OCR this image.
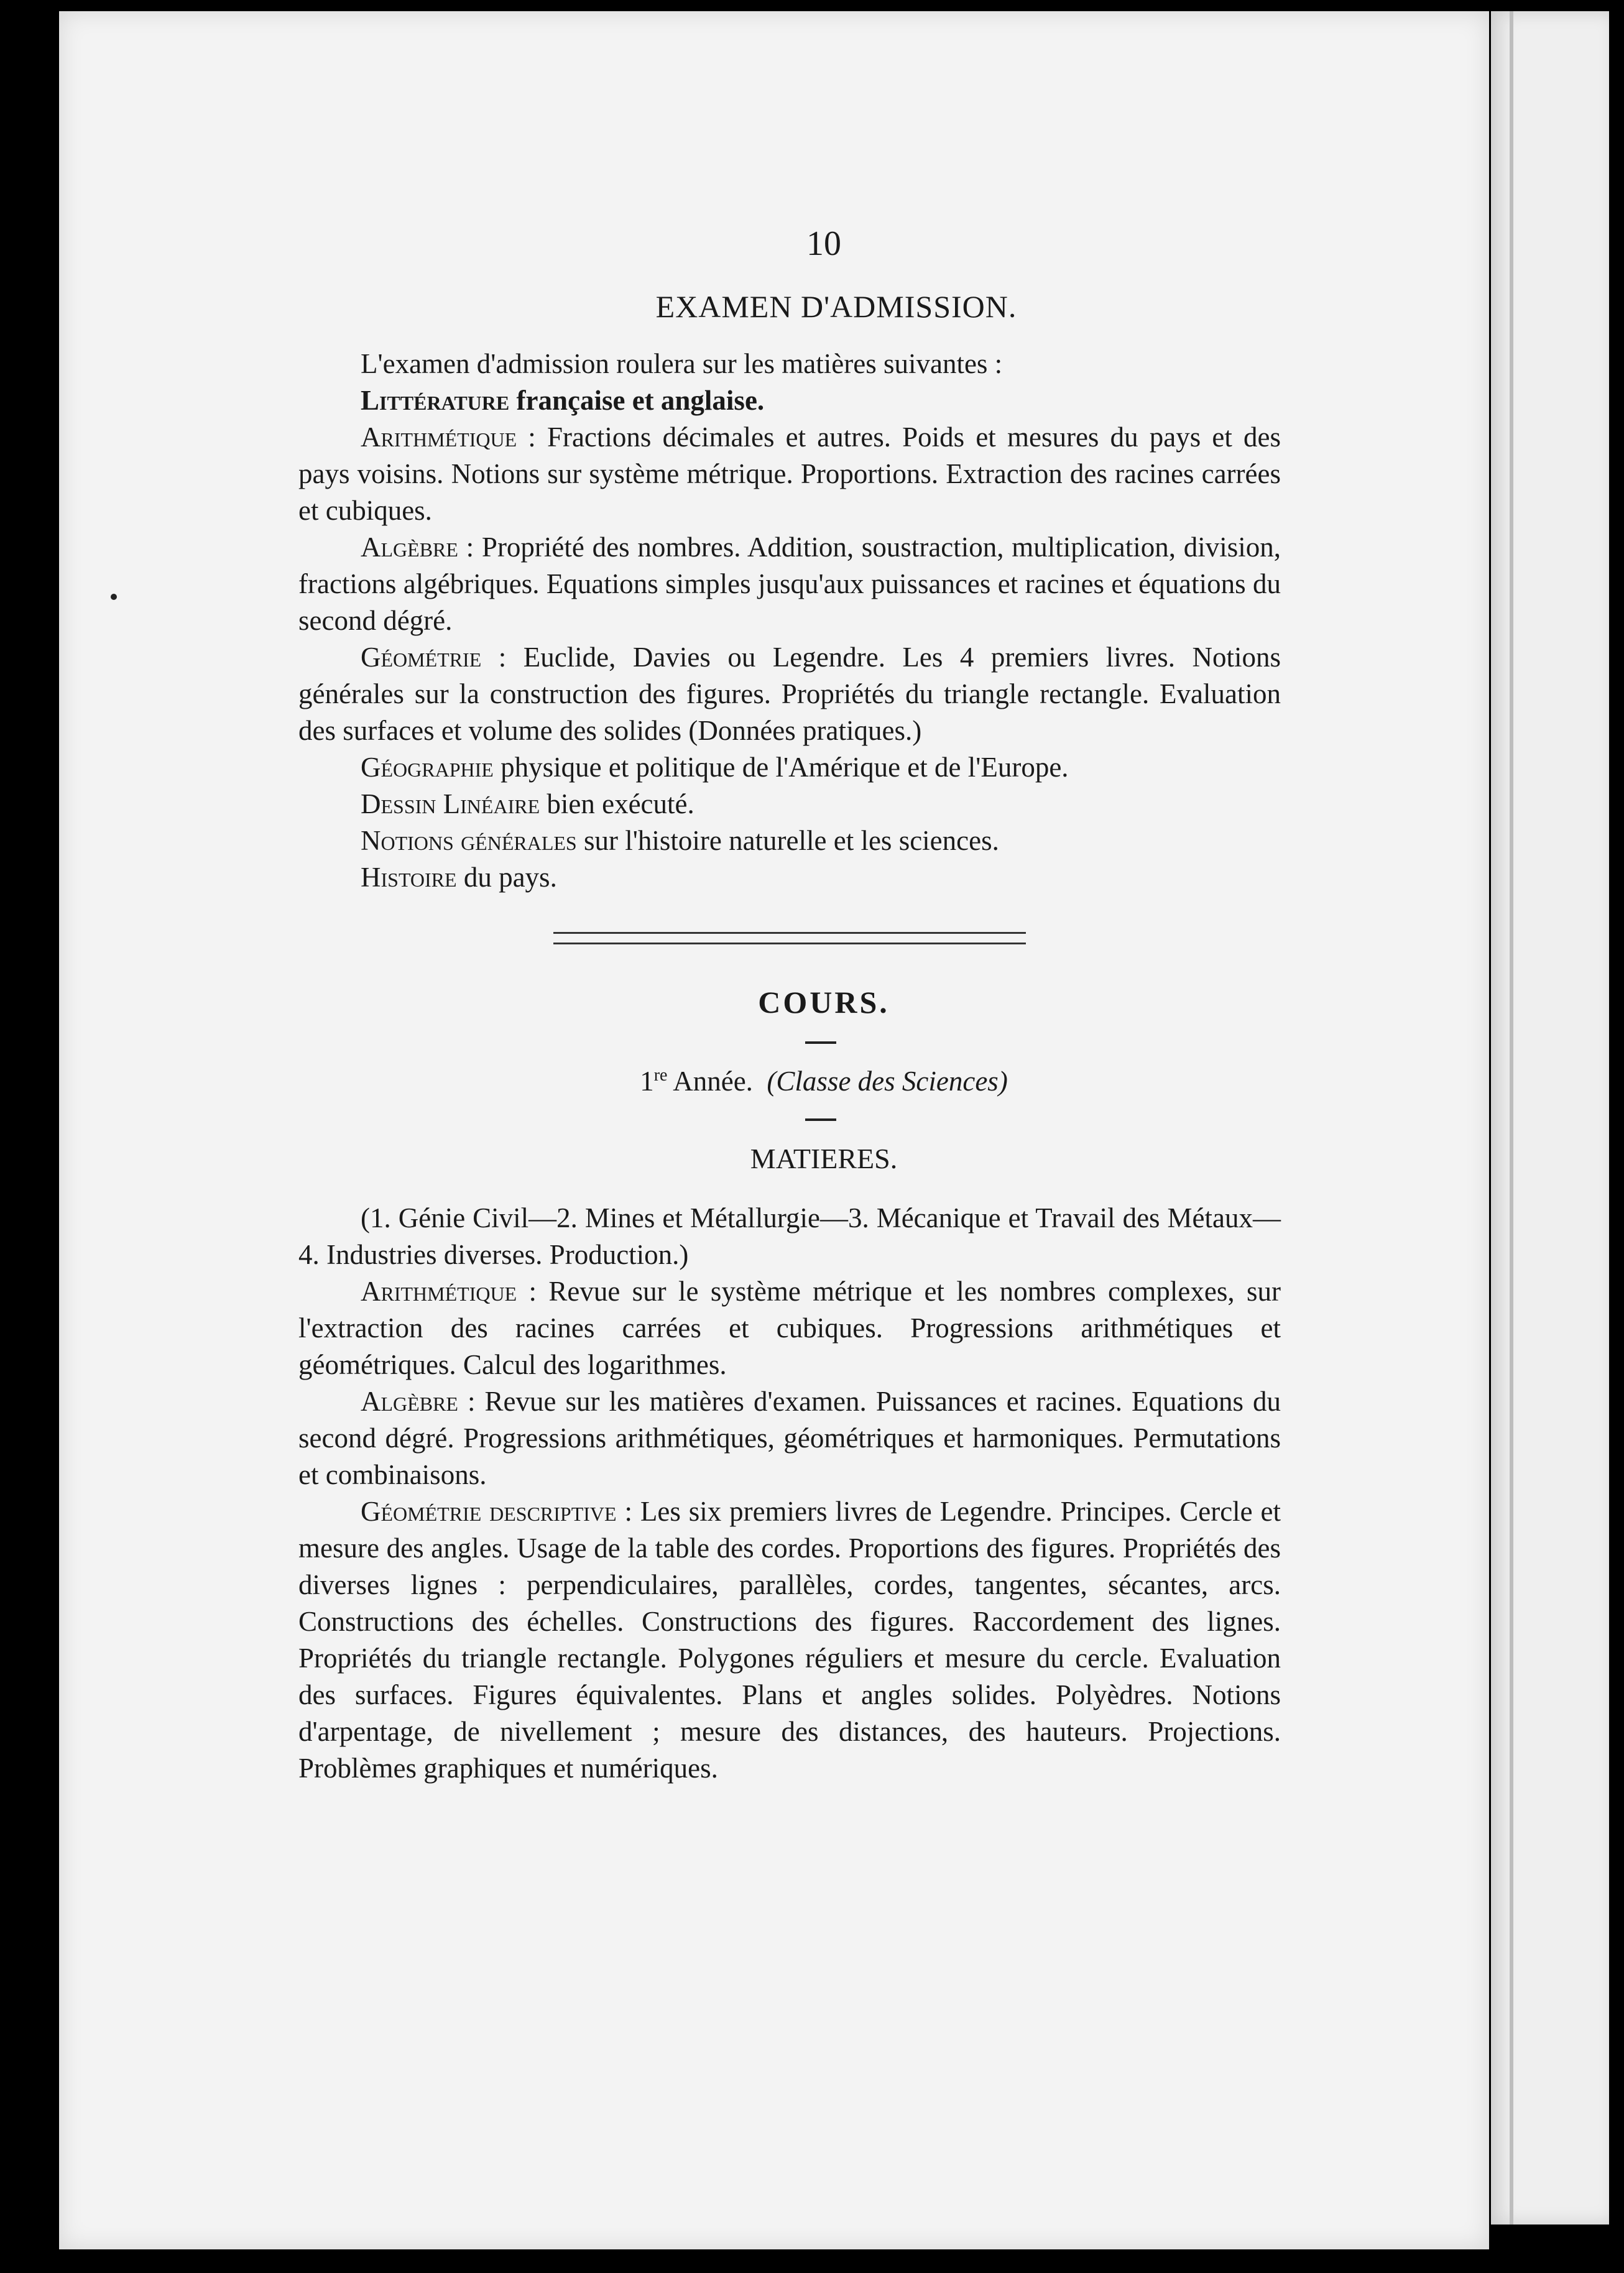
10
EXAMEN D'ADMISSION.

L'examen d'admission roulera sur les matières suivantes :

Littérature française et anglaise.

Arithmétique : Fractions décimales et autres. Poids et mesures du pays et des pays voisins. Notions sur système métrique. Proportions. Extraction des racines carrées et cubiques.

Algèbre : Propriété des nombres. Addition, soustraction, multiplication, division, fractions algébriques. Equations simples jusqu'aux puissances et racines et équations du second dégré.

Géométrie : Euclide, Davies ou Legendre. Les 4 premiers livres. Notions générales sur la construction des figures. Propriétés du triangle rectangle. Evaluation des surfaces et volume des solides (Données pratiques.)

Géographie physique et politique de l'Amérique et de l'Europe.

Dessin Linéaire bien exécuté.

Notions générales sur l'histoire naturelle et les sciences.

Histoire du pays.

COURS.
1re Année. (Classe des Sciences)
MATIERES.

(1. Génie Civil—2. Mines et Métallurgie—3. Mécanique et Travail des Métaux—4. Industries diverses. Production.)

Arithmétique : Revue sur le système métrique et les nombres complexes, sur l'extraction des racines carrées et cubiques. Progressions arithmétiques et géométriques. Calcul des logarithmes.

Algèbre : Revue sur les matières d'examen. Puissances et racines. Equations du second dégré. Progressions arithmétiques, géométriques et harmoniques. Permutations et combinaisons.

Géométrie descriptive : Les six premiers livres de Legendre. Principes. Cercle et mesure des angles. Usage de la table des cordes. Proportions des figures. Propriétés des diverses lignes : perpendiculaires, parallèles, cordes, tangentes, sécantes, arcs. Constructions des échelles. Constructions des figures. Raccordement des lignes. Propriétés du triangle rectangle. Polygones réguliers et mesure du cercle. Evaluation des surfaces. Figures équivalentes. Plans et angles solides. Polyèdres. Notions d'arpentage, de nivellement ; mesure des distances, des hauteurs. Projections. Problèmes graphiques et numériques.
